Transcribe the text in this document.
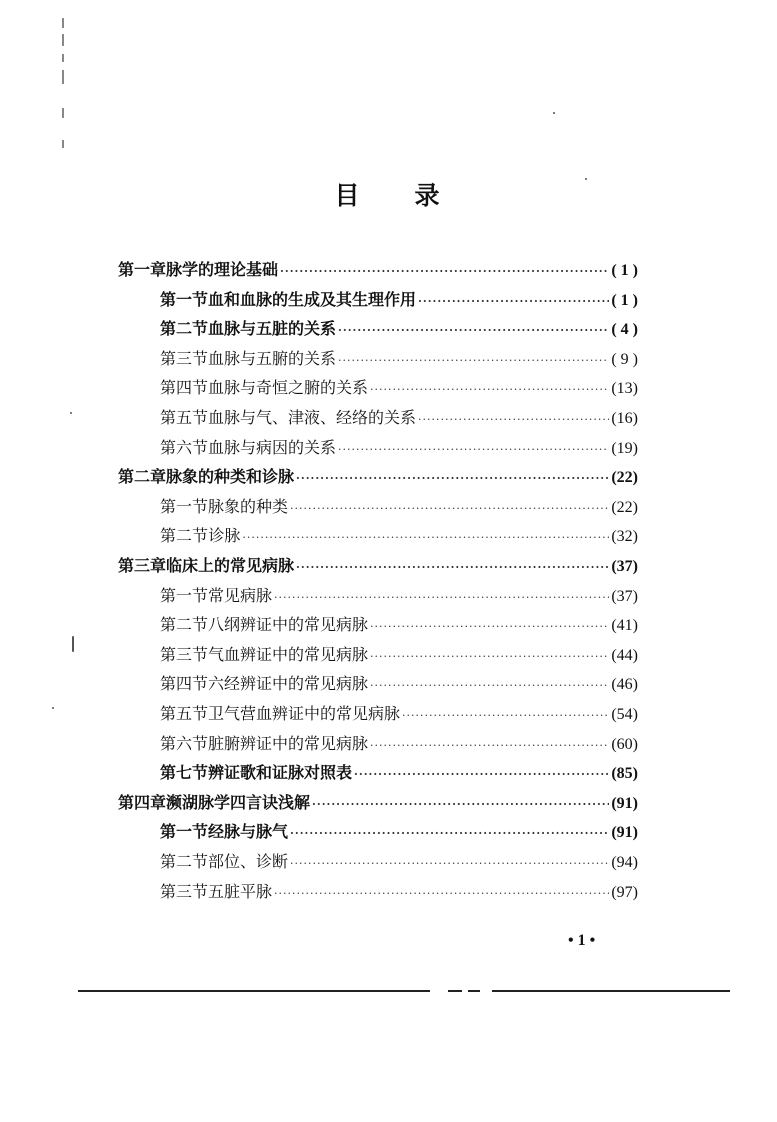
目 录
第一章 脉学的理论基础 ·····	( 1 )
第一节 血和血脉的生成及其生理作用 ·····	( 1 )
第二节 血脉与五脏的关系 ·····	( 4 )
第三节 血脉与五腑的关系 ·····	( 9 )
第四节 血脉与奇恒之腑的关系 ·····	(13)
第五节 血脉与气、津液、经络的关系 ·····	(16)
第六节 血脉与病因的关系 ·····	(19)
第二章 脉象的种类和诊脉 ·····	(22)
第一节 脉象的种类 ·····	(22)
第二节 诊脉 ·····	(32)
第三章 临床上的常见病脉 ·····	(37)
第一节 常见病脉 ·····	(37)
第二节 八纲辨证中的常见病脉 ·····	(41)
第三节 气血辨证中的常见病脉 ·····	(44)
第四节 六经辨证中的常见病脉 ·····	(46)
第五节 卫气营血辨证中的常见病脉 ·····	(54)
第六节 脏腑辨证中的常见病脉 ·····	(60)
第七节 辨证歌和证脉对照表 ·····	(85)
第四章 濒湖脉学四言诀浅解 ·····	(91)
第一节 经脉与脉气 ·····	(91)
第二节 部位、诊断 ·····	(94)
第三节 五脏平脉 ·····	(97)
• 1 •
